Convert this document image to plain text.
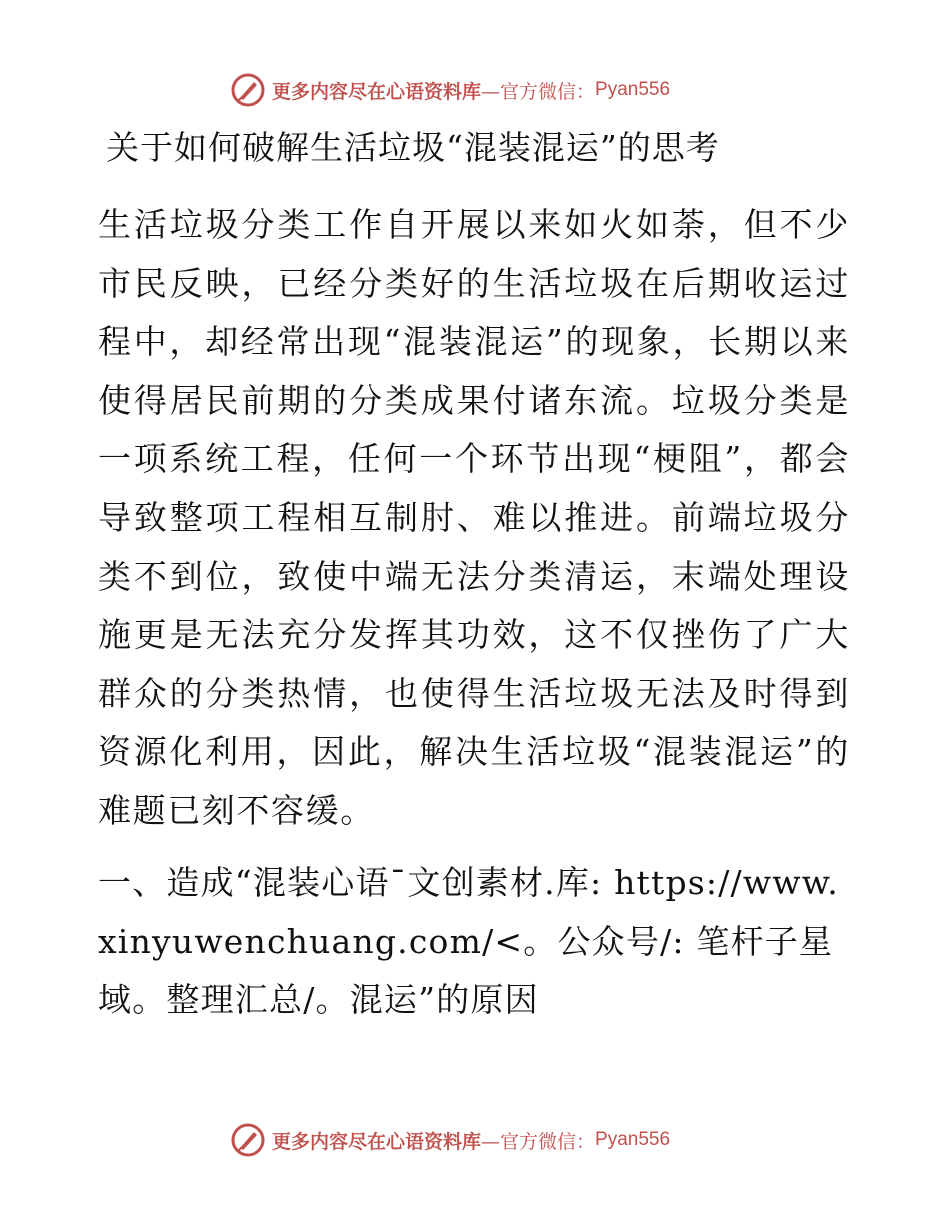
更多内容尽在心语资料库 —官方微信： Pyan556
关于如何破解生活垃圾“混装混运”的思考
生活垃圾分类工作自开展以来如火如荼，但不少市民反映，已经分类好的生活垃圾在后期收运过程中，却经常出现“混装混运”的现象，长期以来使得居民前期的分类成果付诸东流。垃圾分类是一项系统工程，任何一个环节出现“梗阻”，都会导致整项工程相互制肘、难以推进。前端垃圾分类不到位，致使中端无法分类清运，末端处理设施更是无法充分发挥其功效，这不仅挫伤了广大群众的分类热情，也使得生活垃圾无法及时得到资源化利用，因此，解决生活垃圾“混装混运”的难题已刻不容缓。
一、造成“混装心语¯文创素材.库: https://www.xinyuwenchuang.com/<。公众号/: 笔杆子星域。整理汇总/。混运”的原因
更多内容尽在心语资料库 —官方微信： Pyan556
